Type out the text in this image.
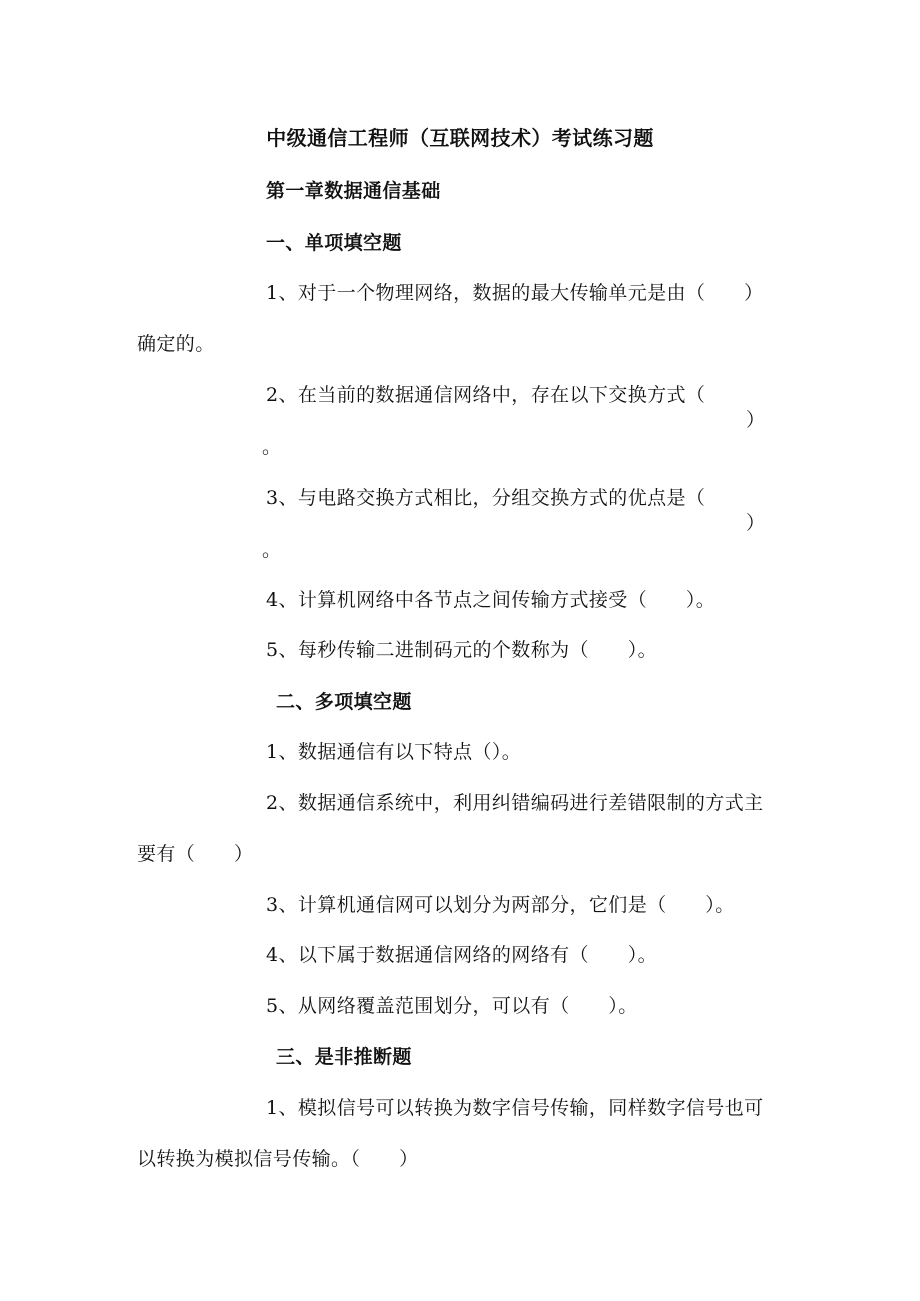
中级通信工程师（互联网技术）考试练习题
第一章数据通信基础
一、单项填空题
1、对于一个物理网络，数据的最大传输单元是由（　　）
确定的。
2、在当前的数据通信网络中，存在以下交换方式（
）
。
3、与电路交换方式相比，分组交换方式的优点是（
）
。
4、计算机网络中各节点之间传输方式接受（　　）。
5、每秒传输二进制码元的个数称为（　　）。
二、多项填空题
1、数据通信有以下特点（）。
2、数据通信系统中，利用纠错编码进行差错限制的方式主
要有（　　）
3、计算机通信网可以划分为两部分，它们是（　　）。
4、以下属于数据通信网络的网络有（　　）。
5、从网络覆盖范围划分，可以有（　　）。
三、是非推断题
1、模拟信号可以转换为数字信号传输，同样数字信号也可
以转换为模拟信号传输。（　　）
